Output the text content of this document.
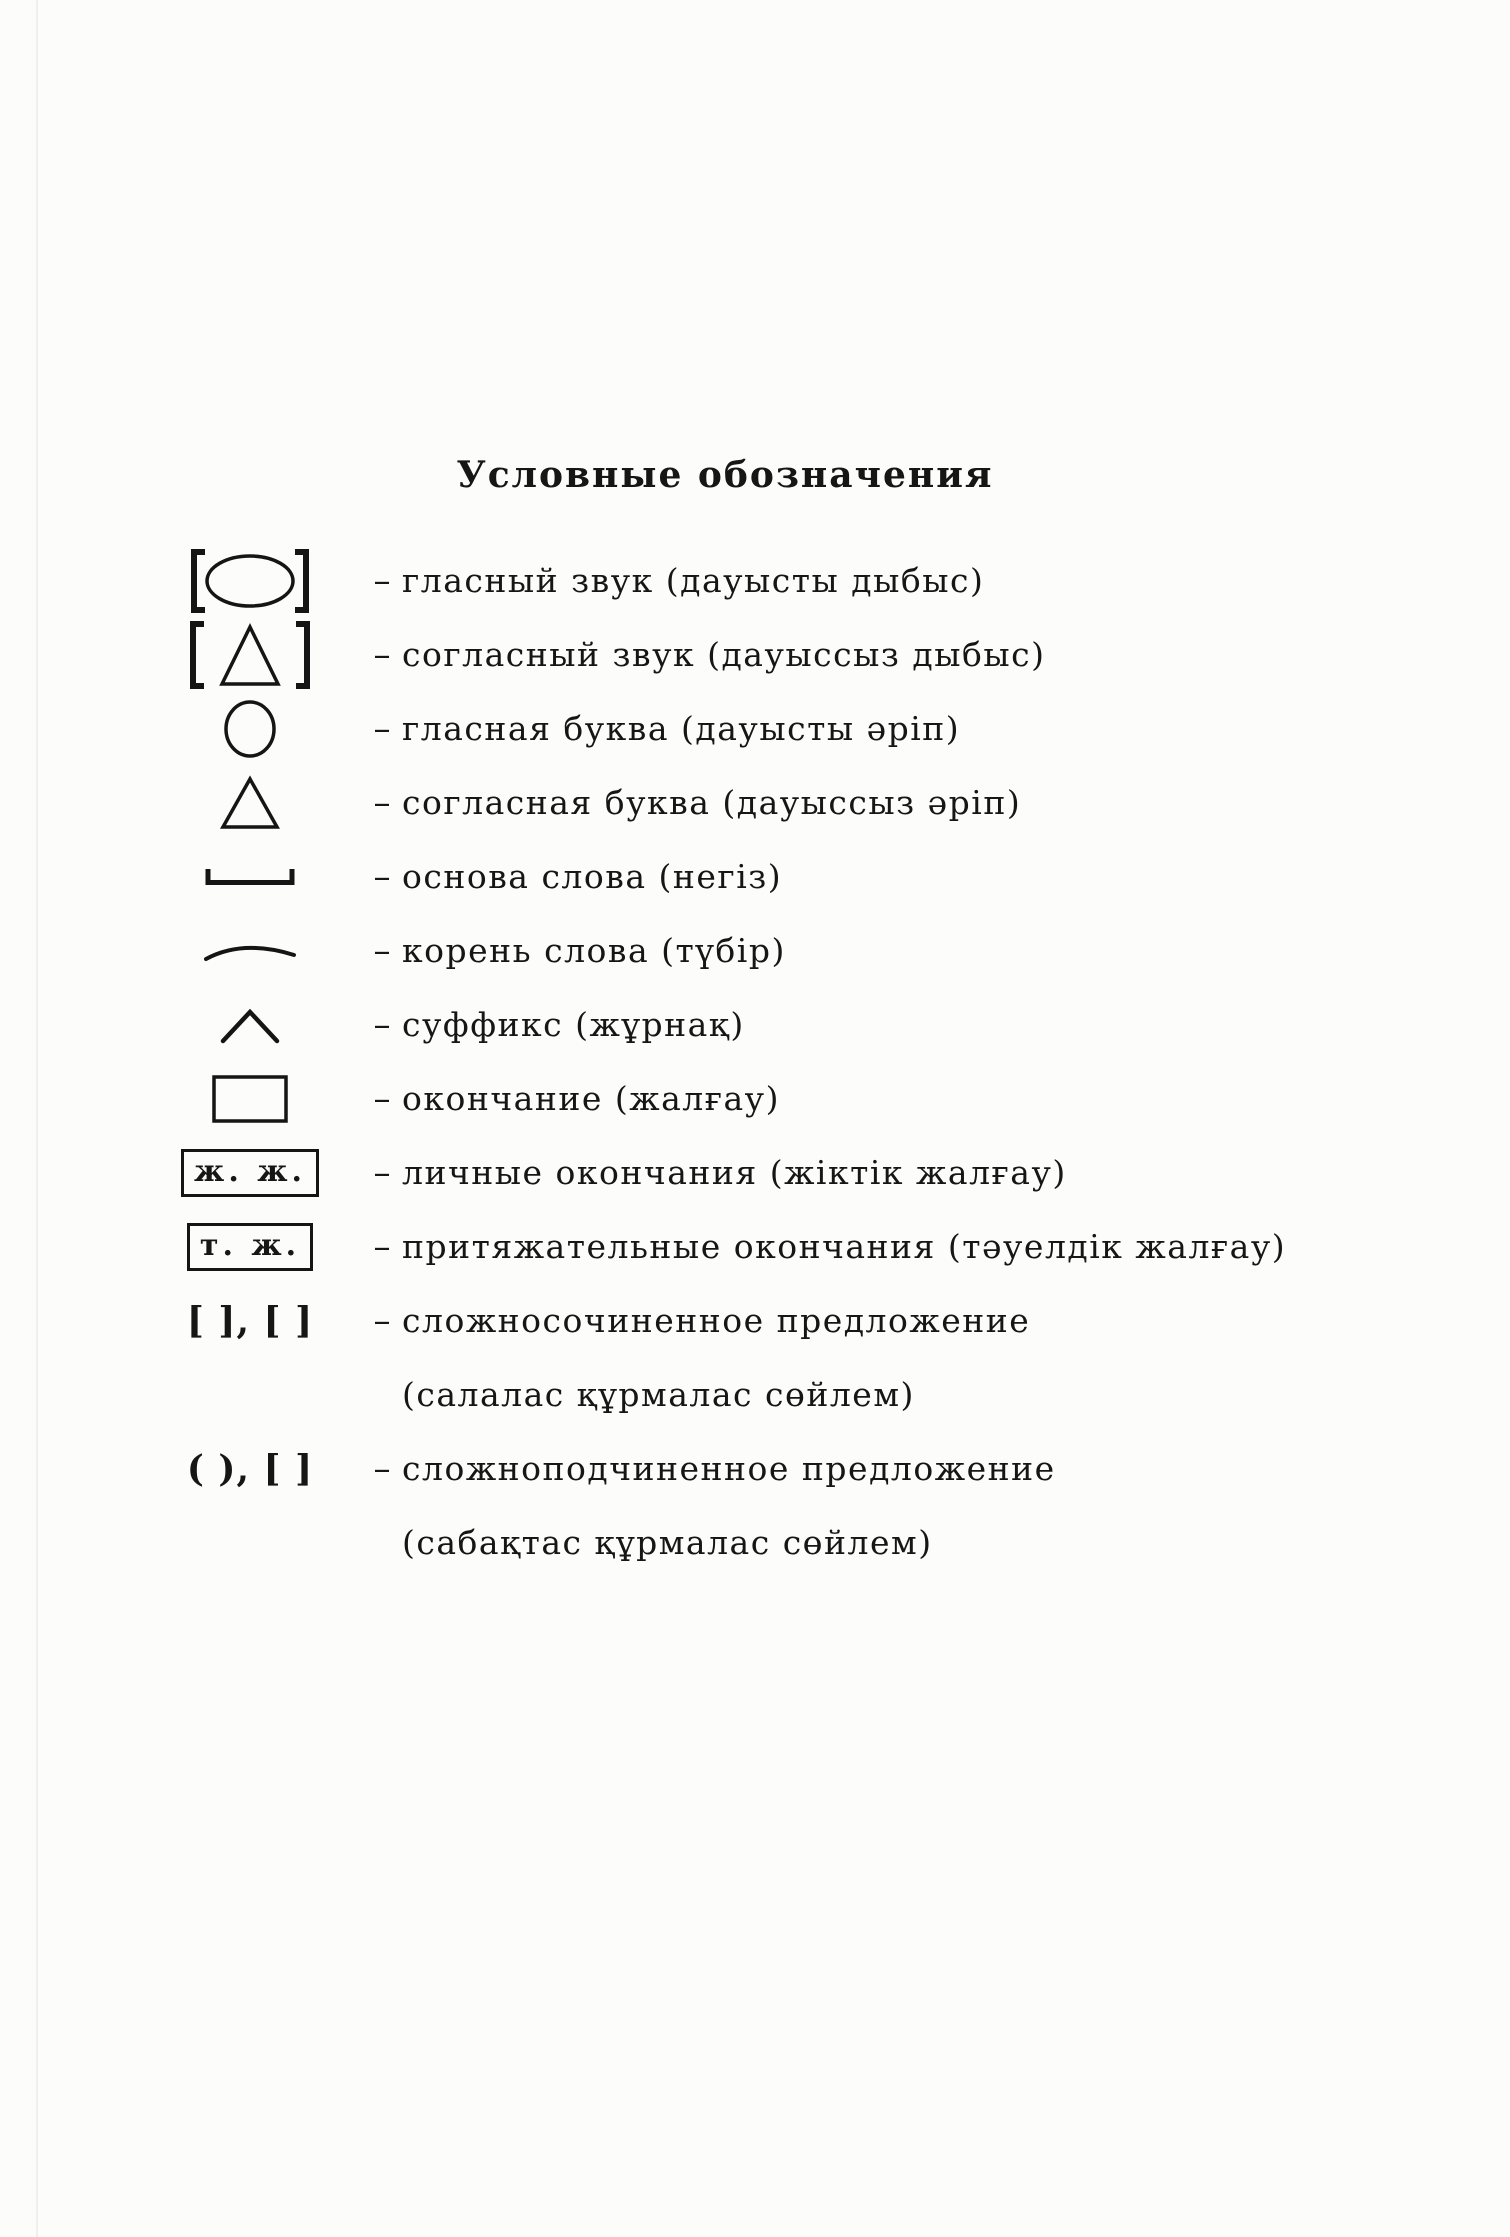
Условные обозначения
– гласный звук (дауысты дыбыс)
– согласный звук (дауыссыз дыбыс)
– гласная буква (дауысты әріп)
– согласная буква (дауыссыз әріп)
– основа слова (негіз)
– корень слова (түбір)
– суффикс (жұрнақ)
– окончание (жалғау)
ж. ж.	– личные окончания (жіктік жалғау)
т. ж.	– притяжательные окончания (тәуелдік жалғау)
[ ], [ ]	– сложносочиненное предложение
(салалас құрмалас сөйлем)
( ), [ ]	– сложноподчиненное предложение
(сабақтас құрмалас сөйлем)
